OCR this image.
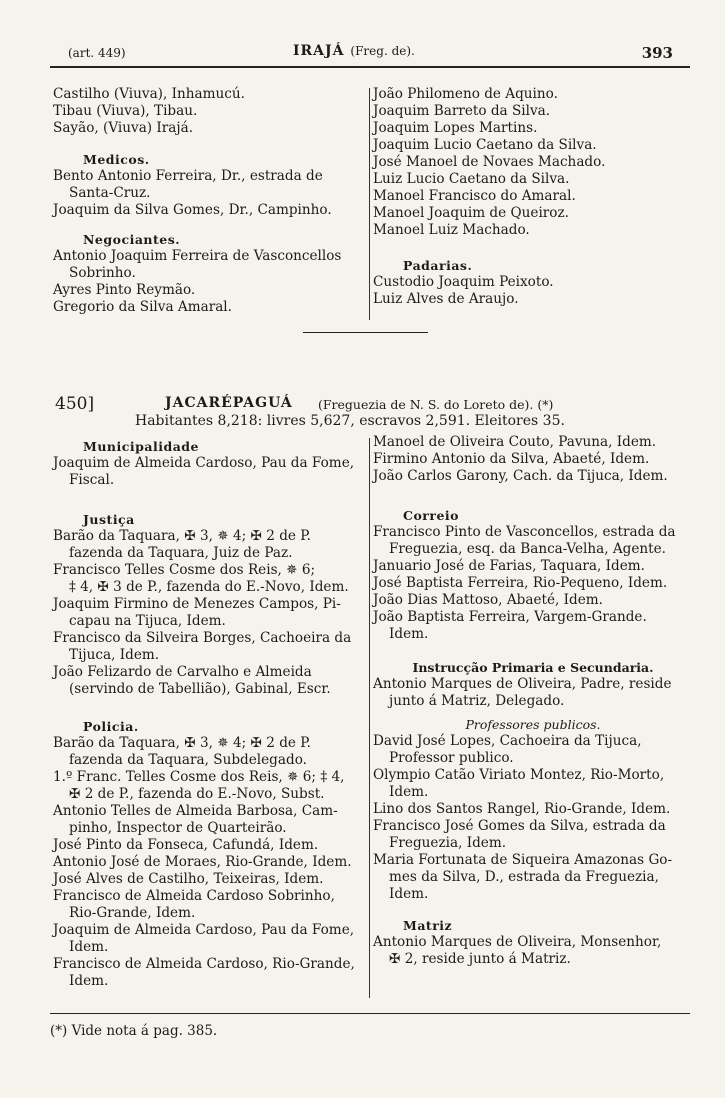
(art. 449)	IRAJÁ (Freg. de).	393
Castilho (Viuva), Inhamucú.
Tibau (Viuva), Tibau.
Sayão, (Viuva) Irajá.
Medicos.
Bento Antonio Ferreira, Dr., estrada de
Santa-Cruz.
Joaquim da Silva Gomes, Dr., Campinho.
Negociantes.
Antonio Joaquim Ferreira de Vasconcellos
Sobrinho.
Ayres Pinto Reymão.
Gregorio da Silva Amaral.
João Philomeno de Aquino.
Joaquim Barreto da Silva.
Joaquim Lopes Martins.
Joaquim Lucio Caetano da Silva.
José Manoel de Novaes Machado.
Luiz Lucio Caetano da Silva.
Manoel Francisco do Amaral.
Manoel Joaquim de Queiroz.
Manoel Luiz Machado.
Padarias.
Custodio Joaquim Peixoto.
Luiz Alves de Araujo.
450]	JACARÉPAGUÁ (Freguezia de N. S. do Loreto de). (*)
Habitantes 8,218: livres 5,627, escravos 2,591. Eleitores 35.
Municipalidade
Joaquim de Almeida Cardoso, Pau da Fome,
Fiscal.
Justiça
Barão da Taquara, ✠ 3, ✵ 4; ✠ 2 de P.
fazenda da Taquara, Juiz de Paz.
Francisco Telles Cosme dos Reis, ✵ 6;
‡ 4, ✠ 3 de P., fazenda do E.-Novo, Idem.
Joaquim Firmino de Menezes Campos, Pi-
capau na Tijuca, Idem.
Francisco da Silveira Borges, Cachoeira da
Tijuca, Idem.
João Felizardo de Carvalho e Almeida
(servindo de Tabellião), Gabinal, Escr.
Policia.
Barão da Taquara, ✠ 3, ✵ 4; ✠ 2 de P.
fazenda da Taquara, Subdelegado.
1.º Franc. Telles Cosme dos Reis, ✵ 6; ‡ 4,
✠ 2 de P., fazenda do E.-Novo, Subst.
Antonio Telles de Almeida Barbosa, Cam-
pinho, Inspector de Quarteirão.
José Pinto da Fonseca, Cafundá, Idem.
Antonio José de Moraes, Rio-Grande, Idem.
José Alves de Castilho, Teixeiras, Idem.
Francisco de Almeida Cardoso Sobrinho,
Rio-Grande, Idem.
Joaquim de Almeida Cardoso, Pau da Fome,
Idem.
Francisco de Almeida Cardoso, Rio-Grande,
Idem.
Manoel de Oliveira Couto, Pavuna, Idem.
Firmino Antonio da Silva, Abaeté, Idem.
João Carlos Garony, Cach. da Tijuca, Idem.
Correio
Francisco Pinto de Vasconcellos, estrada da
Freguezia, esq. da Banca-Velha, Agente.
Januario José de Farias, Taquara, Idem.
José Baptista Ferreira, Rio-Pequeno, Idem.
João Dias Mattoso, Abaeté, Idem.
João Baptista Ferreira, Vargem-Grande.
Idem.
Instrucção Primaria e Secundaria.
Antonio Marques de Oliveira, Padre, reside
junto á Matriz, Delegado.
Professores publicos.
David José Lopes, Cachoeira da Tijuca,
Professor publico.
Olympio Catão Viriato Montez, Rio-Morto,
Idem.
Lino dos Santos Rangel, Rio-Grande, Idem.
Francisco José Gomes da Silva, estrada da
Freguezia, Idem.
Maria Fortunata de Siqueira Amazonas Go-
mes da Silva, D., estrada da Freguezia,
Idem.
Matriz
Antonio Marques de Oliveira, Monsenhor,
✠ 2, reside junto á Matriz.
(*) Vide nota á pag. 385.
